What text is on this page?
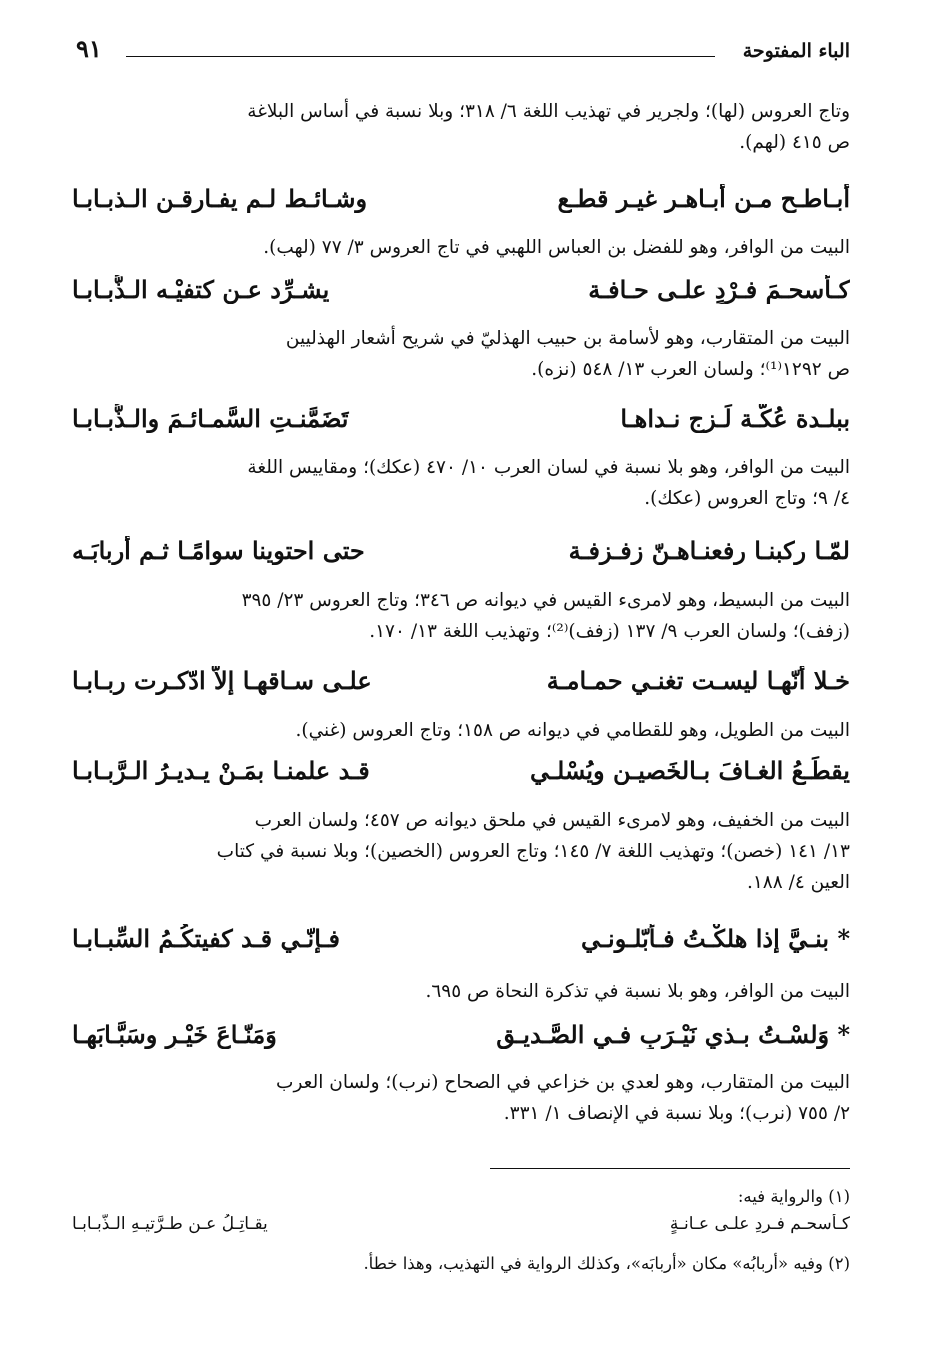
الباء المفتوحة
٩١
وتاج العروس (لها)؛ ولجرير في تهذيب اللغة ٦/ ٣١٨؛ وبلا نسبة في أساس البلاغة
ص ٤١٥ (لهم).
أبـاطـح مـن أبـاهـر غيـر قطـع
وشـائـط لـم يفـارقـن الـذبـابـا
البيت من الوافر، وهو للفضل بن العباس اللهبي في تاج العروس ٣/ ٧٧ (لهب).
كـأسحـمَ فـرْدٍ علـى حـافـة
يشـرِّد عـن كتفيْـه الـذُّبـابـا
البيت من المتقارب، وهو لأسامة بن حبيب الهذليّ في شريح أشعار الهذليين
ص ١٢٩٢⁽¹⁾؛ ولسان العرب ١٣/ ٥٤٨ (نزه).
ببلـدة عُكَّـة لَـزِجٍ نـداهـا
تَضَمَّنـتِ السَّمـائـمَ والـذُّبـابـا
البيت من الوافر، وهو بلا نسبة في لسان العرب ١٠/ ٤٧٠ (عكك)؛ ومقاييس اللغة
٤/ ٩؛ وتاج العروس (عكك).
لمّـا ركبنـا رفعنـاهـنّ زفـزفـة
حتى احتوينا سوامًـا ثـم أربابَـه
البيت من البسيط، وهو لامرىء القيس في ديوانه ص ٣٤٦؛ وتاج العروس ٢٣/ ٣٩٥
(زفف)؛ ولسان العرب ٩/ ١٣٧ (زفف)⁽²⁾؛ وتهذيب اللغة ١٣/ ١٧٠.
خـلا أنّهـا ليسـت تغنـي حمـامـة
علـى سـاقهـا إلاّ ادّكـرت ربـابـا
البيت من الطويل، وهو للقطامي في ديوانه ص ١٥٨؛ وتاج العروس (غني).
يقطَـعُ الغـافَ بـالخَصيـنِ ويُسْلـي
قـد علمنـا بمَـنْ يـديـرُ الـرَّبـابـا
البيت من الخفيف، وهو لامرىء القيس في ملحق ديوانه ص ٤٥٧؛ ولسان العرب
١٣/ ١٤١ (خصن)؛ وتهذيب اللغة ٧/ ١٤٥؛ وتاج العروس (الخصين)؛ وبلا نسبة في كتاب
العين ٤/ ١٨٨.
* بنـيَّ إذا هلكْـتُ فـأبّلـونـي
فـإنّـي قـد كفيتكُـمُ السِّبـابـا
البيت من الوافر، وهو بلا نسبة في تذكرة النحاة ص ٦٩٥.
* وَلسْـتُ بـذي نَيْـرَبٍ فـي الصَّـديـقِ
وَمَنّـاعَ خَيْـرٍ وسَبَّـابَهـا
البيت من المتقارب، وهو لعدي بن خزاعي في الصحاح (نرب)؛ ولسان العرب
٢/ ٧٥٥ (نرب)؛ وبلا نسبة في الإنصاف ١/ ٣٣١.
(١) والرواية فيه:
كـأسحـم فـردِ علـى عـانـةٍ
يقـاتِـلُ عـن طـرَّتيـهِ الـذّبـابـا
(٢) وفيه «أربابُه» مكان «أربابَه»، وكذلك الرواية في التهذيب، وهذا خطأ.
